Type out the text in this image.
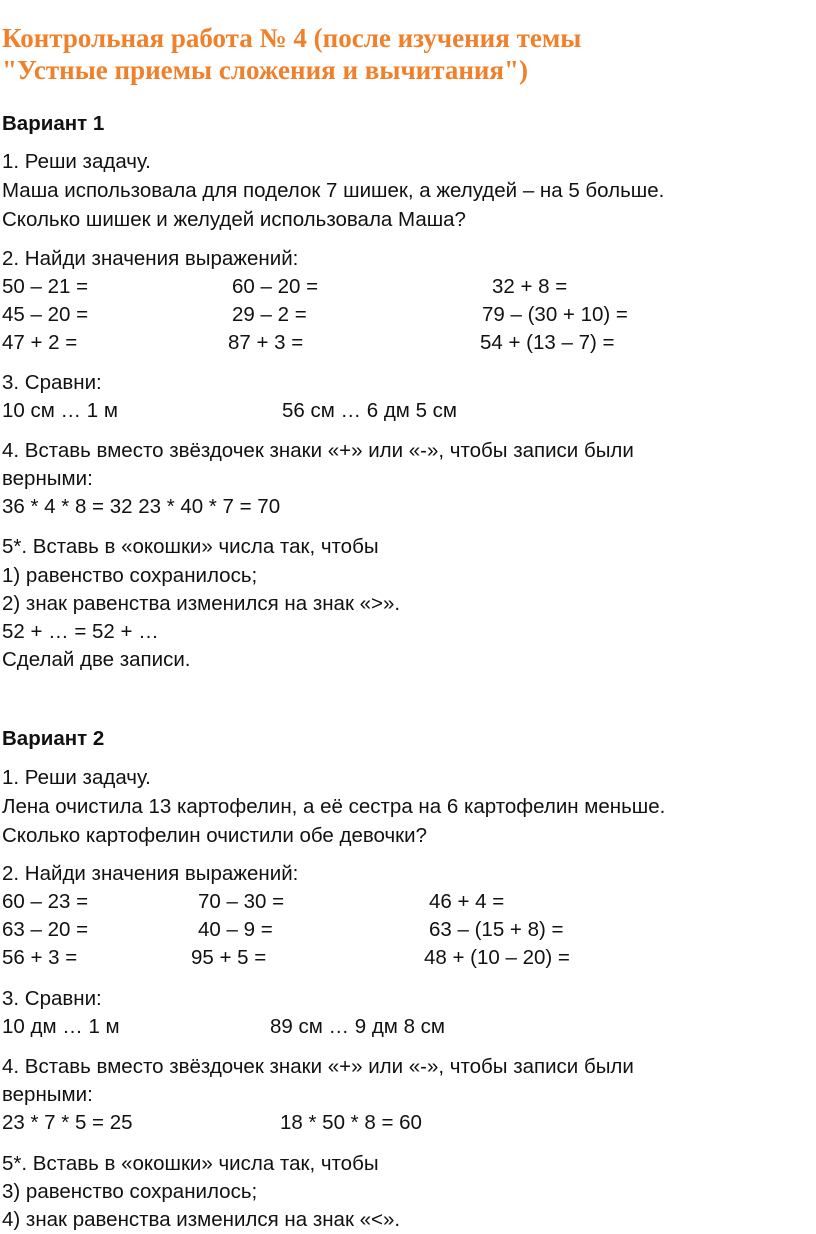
Контрольная работа № 4 (после изучения темы
"Устные приемы сложения и вычитания")
Вариант 1
1. Реши задачу.
Маша использовала для поделок 7 шишек, а желудей – на 5 больше.
Сколько шишек и желудей использовала Маша?
2. Найди значения выражений:
50 – 21 =	60 – 20 =	32 + 8 =
45 – 20 =	29 – 2 =	79 – (30 + 10) =
47 + 2 =	87 + 3 =	54 + (13 – 7) =
3. Сравни:
10 см … 1 м	56 см … 6 дм 5 см
4. Вставь вместо звёздочек знаки «+» или «-», чтобы записи были
верными:
36 * 4 * 8 = 32 23 * 40 * 7 = 70
5*. Вставь в «окошки» числа так, чтобы
1) равенство сохранилось;
2) знак равенства изменился на знак «>».
52 + … = 52 + …
Сделай две записи.
Вариант 2
1. Реши задачу.
Лена очистила 13 картофелин, а её сестра на 6 картофелин меньше.
Сколько картофелин очистили обе девочки?
2. Найди значения выражений:
60 – 23 =	70 – 30 =	46 + 4 =
63 – 20 =	40 – 9 =	63 – (15 + 8) =
56 + 3 =	95 + 5 =	48 + (10 – 20) =
3. Сравни:
10 дм … 1 м	89 см … 9 дм 8 см
4. Вставь вместо звёздочек знаки «+» или «-», чтобы записи были
верными:
23 * 7 * 5 = 25	18 * 50 * 8 = 60
5*. Вставь в «окошки» числа так, чтобы
3) равенство сохранилось;
4) знак равенства изменился на знак «<».
